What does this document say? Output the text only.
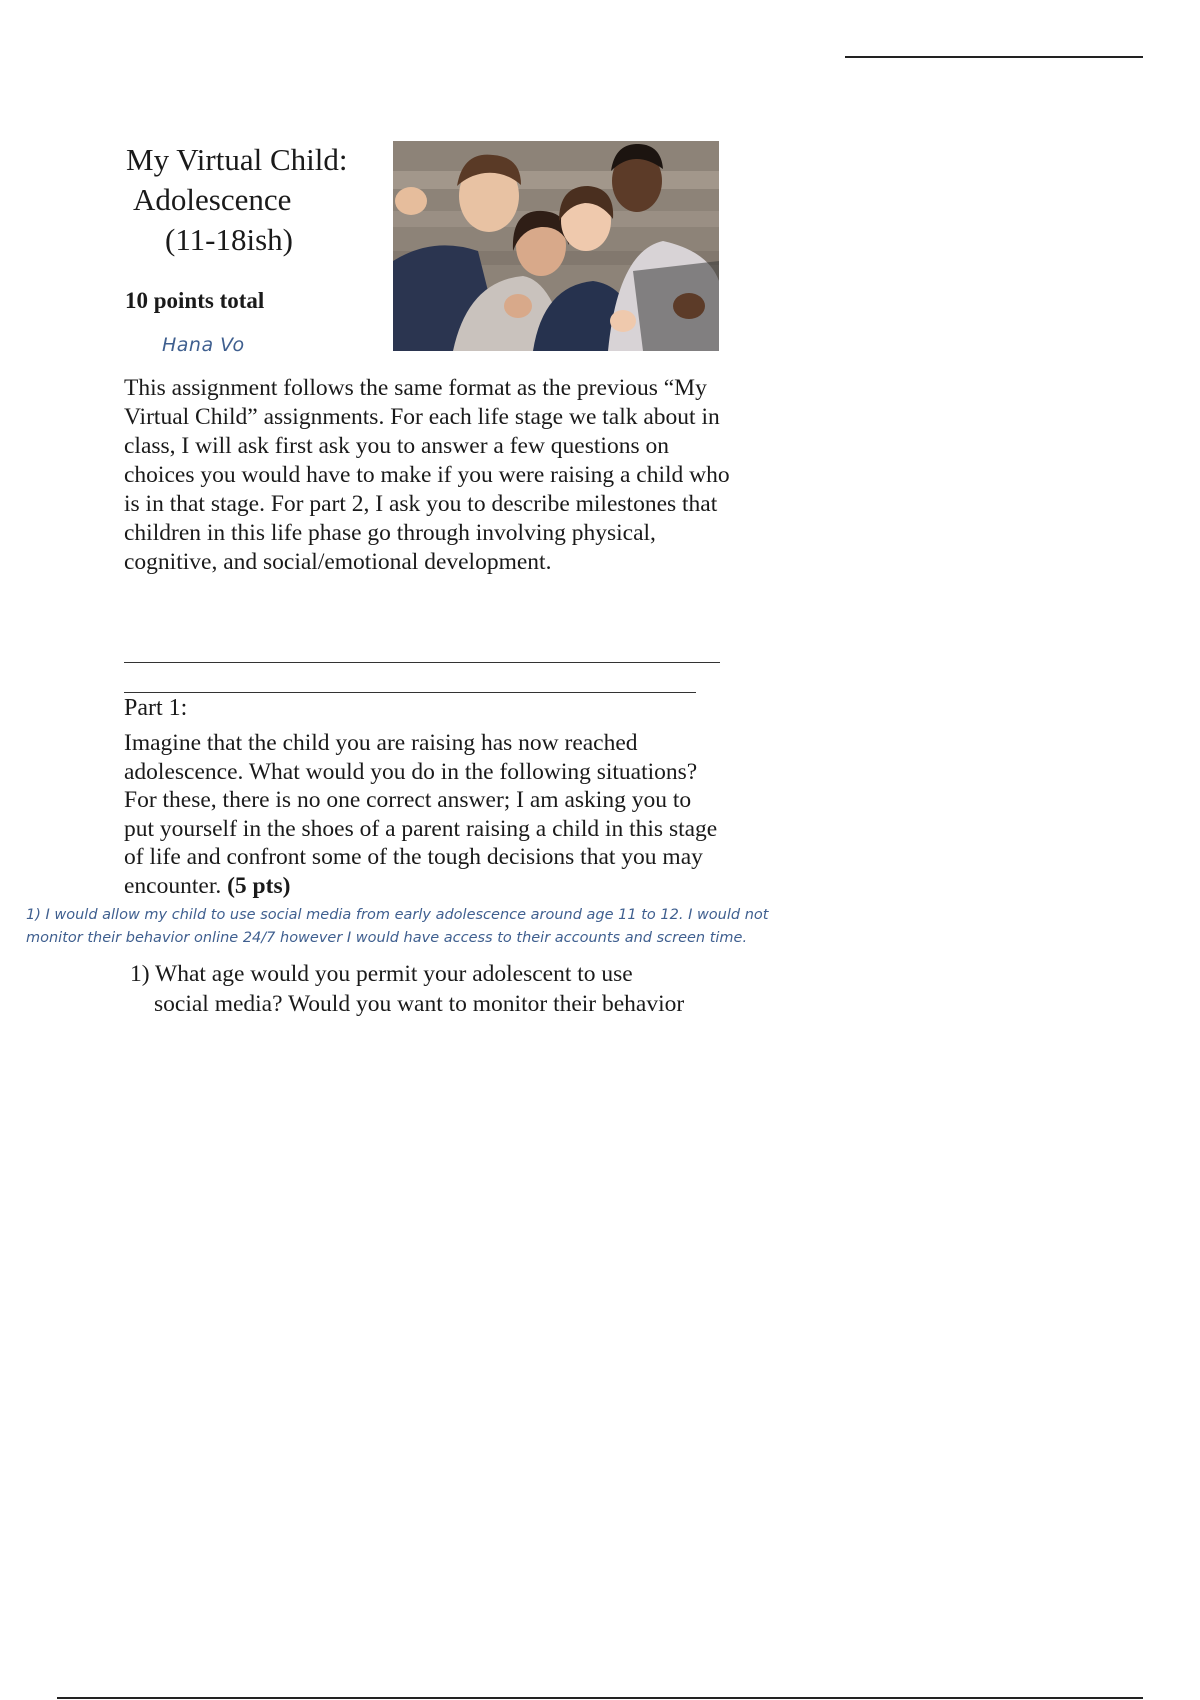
My Virtual Child:
Adolescence
(11-18ish)

10 points total

Hana Vo

This assignment follows the same format as the previous “My Virtual Child” assignments. For each life stage we talk about in class, I will ask first ask you to answer a few questions on choices you would have to make if you were raising a child who is in that stage. For part 2, I ask you to describe milestones that children in this life phase go through involving physical, cognitive, and social/emotional development.

Part 1:

Imagine that the child you are raising has now reached adolescence. What would you do in the following situations? For these, there is no one correct answer; I am asking you to put yourself in the shoes of a parent raising a child in this stage of life and confront some of the tough decisions that you may encounter. (5 pts)

1) I would allow my child to use social media from early adolescence around age 11 to 12. I would not monitor their behavior online 24/7 however I would have access to their accounts and screen time.

1) What age would you permit your adolescent to use
social media? Would you want to monitor their behavior
